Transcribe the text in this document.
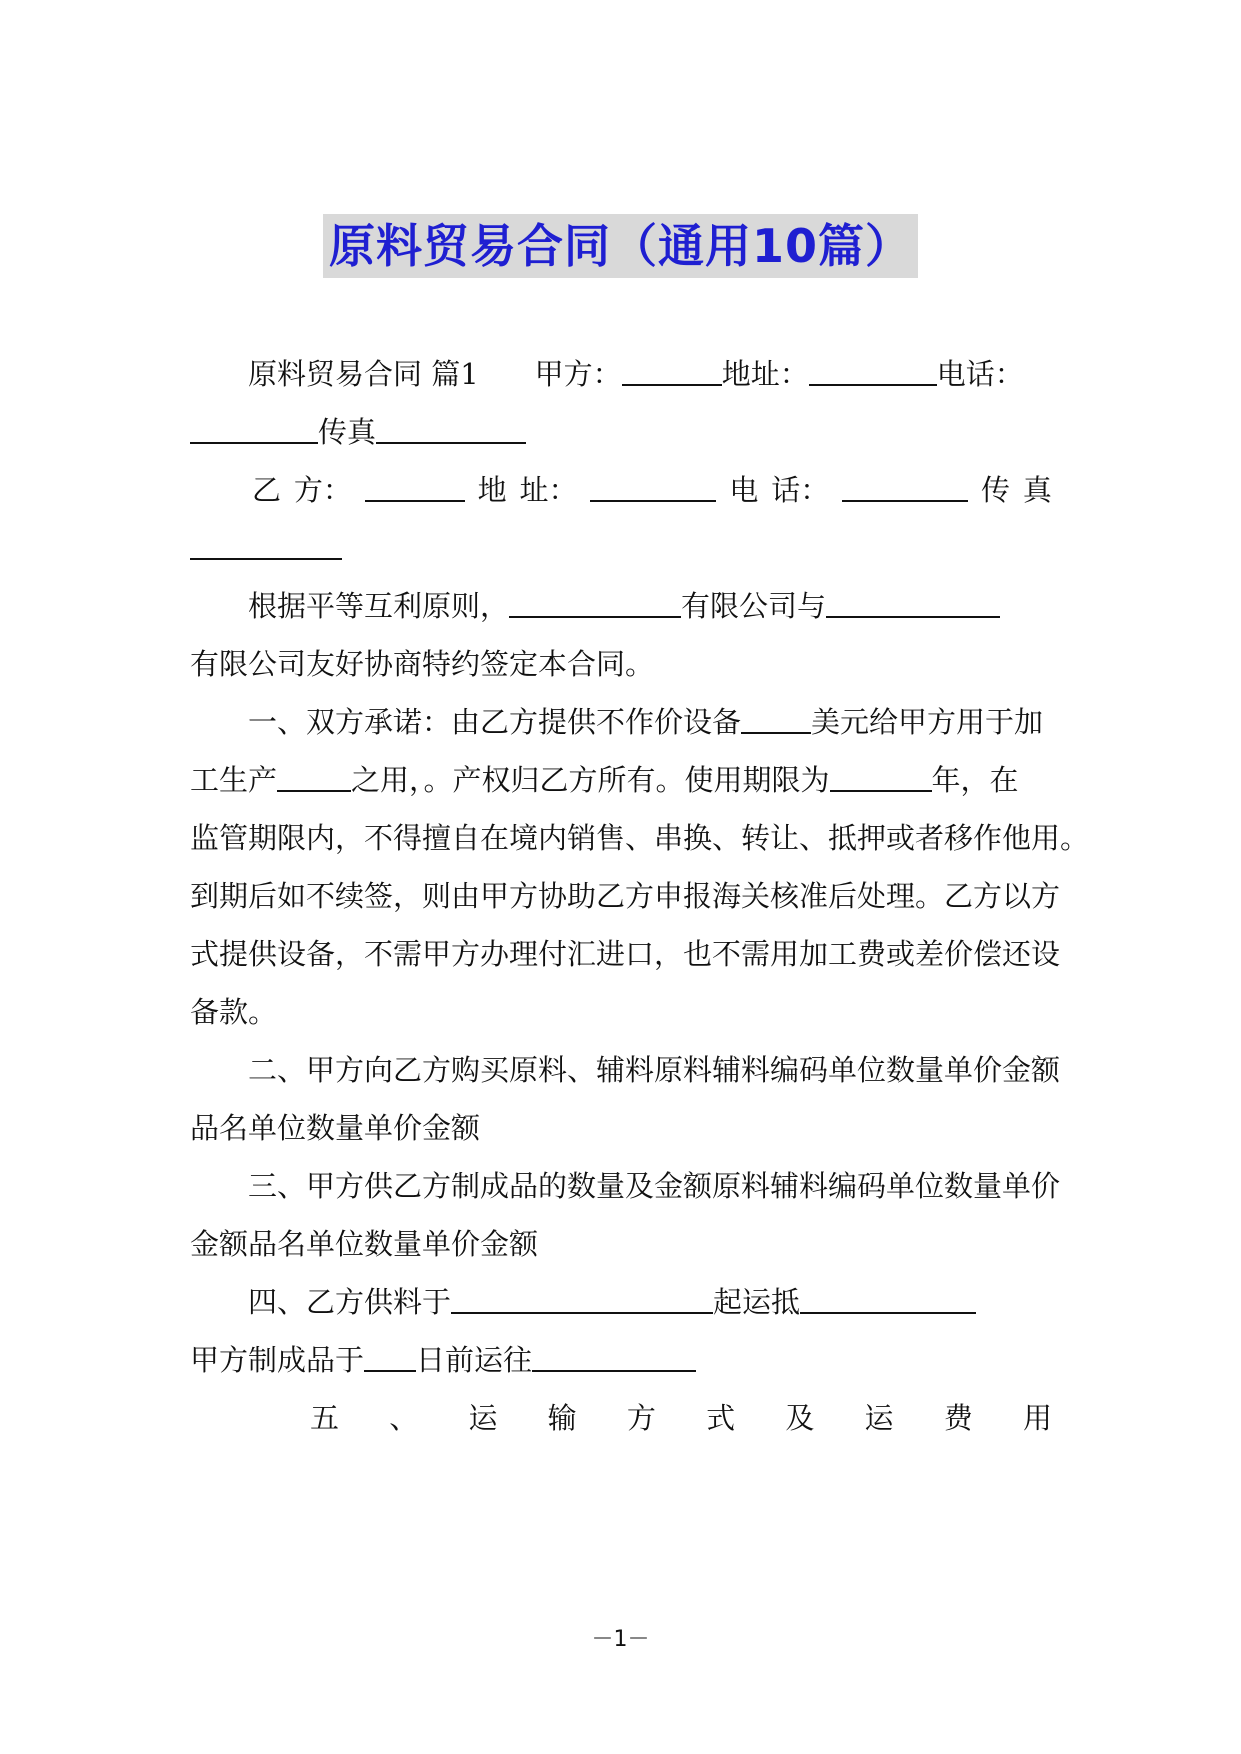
原料贸易合同（通用10篇）
原料贸易合同 篇1 甲方：	地址：	电话：
传真
乙 方：	地 址：	电 话：	传 真
根据平等互利原则，	有限公司与
有限公司友好协商特约签定本合同。
一、双方承诺：由乙方提供不作价设备 美元给甲方用于加
工生产	之用，。产权归乙方所有。使用期限为	年，在
监管期限内，不得擅自在境内销售、串换、转让、抵押或者移作他用。
到期后如不续签，则由甲方协助乙方申报海关核准后处理。乙方以方
式提供设备，不需甲方办理付汇进口，也不需用加工费或差价偿还设
备款。
二、甲方向乙方购买原料、辅料原料辅料编码单位数量单价金额
品名单位数量单价金额
三、甲方供乙方制成品的数量及金额原料辅料编码单位数量单价
金额品名单位数量单价金额
四、乙方供料于	起运抵
甲方制成品于 日前运往
五 、 运 输 方 式 及 运 费 用
－1－
